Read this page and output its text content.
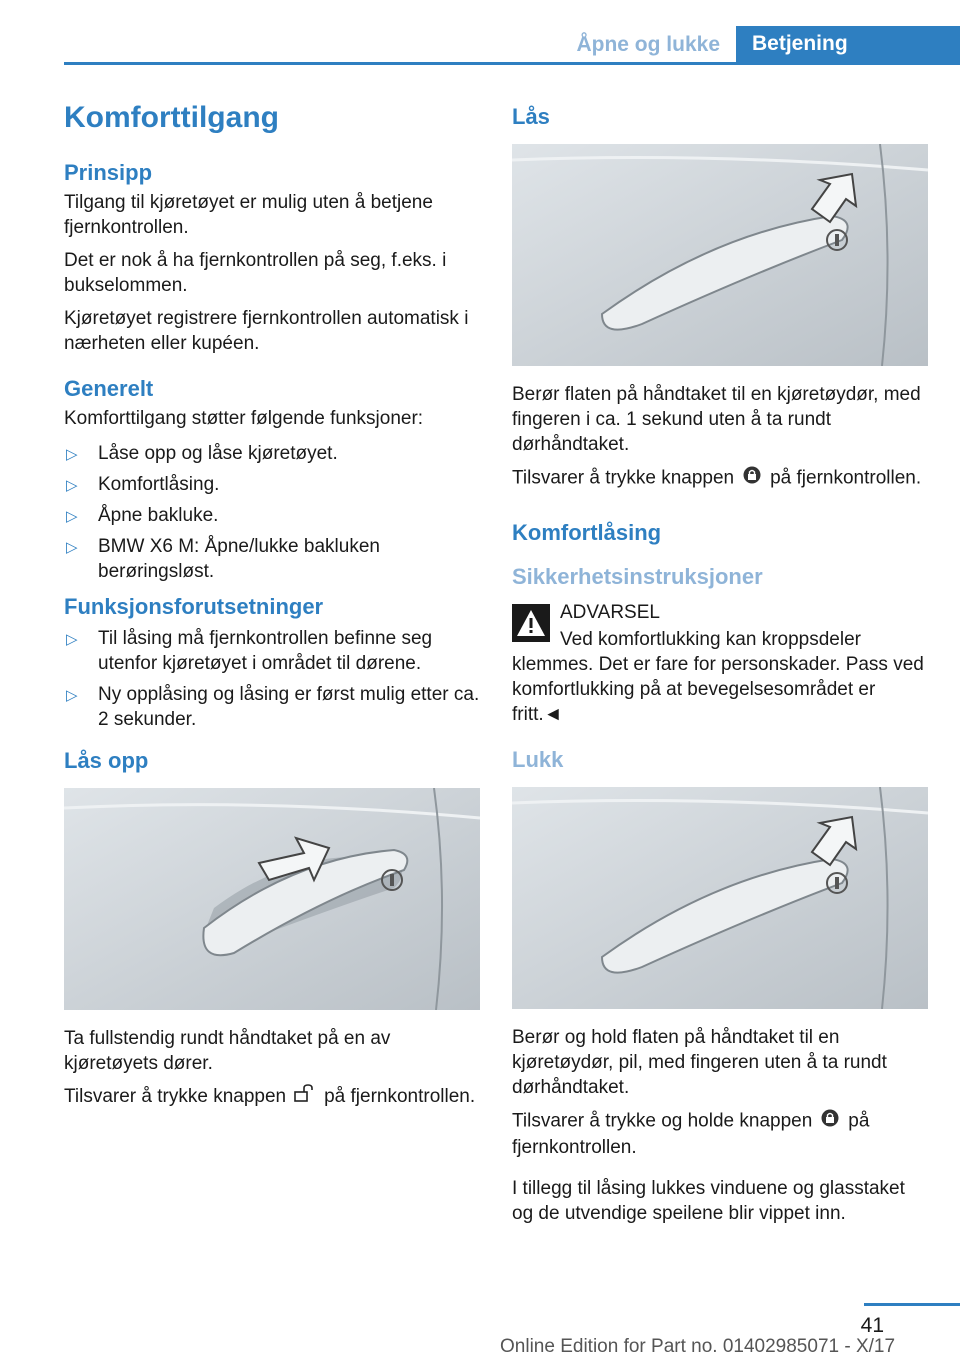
Åpne og lukke	Betjening
Komforttilgang
Prinsipp

Tilgang til kjøretøyet er mulig uten å betjene fjernkontrollen.

Det er nok å ha fjernkontrollen på seg, f.eks. i bukselommen.

Kjøretøyet registrere fjernkontrollen automatisk i nærheten eller kupéen.

Generelt

Komforttilgang støtter følgende funksjoner:

▷ Låse opp og låse kjøretøyet.
▷ Komfortlåsing.
▷ Åpne bakluke.
▷ BMW X6 M: Åpne/lukke bakluken berøringsløst.
Funksjonsforutsetninger
▷ Til låsing må fjernkontrollen befinne seg utenfor kjøretøyet i området til dørene.
▷ Ny opplåsing og låsing er først mulig etter ca. 2 sekunder.
Lås opp

Ta fullstendig rundt håndtaket på en av kjøretøyets dører.

Tilsvarer å trykke knappen på fjernkontrollen.

Lås

Berør flaten på håndtaket til en kjøretøydør, med fingeren i ca. 1 sekund uten å ta rundt dørhåndtaket.

Tilsvarer å trykke knappen på fjernkontrollen.

Komfortlåsing
Sikkerhetsinstruksjoner
ADVARSEL

Ved komfortlukking kan kroppsdeler klemmes. Det er fare for personskader. Pass ved komfortlukking på at bevegelsesområdet er fritt.◄

Lukk

Berør og hold flaten på håndtaket til en kjøretøydør, pil, med fingeren uten å ta rundt dørhåndtaket.

Tilsvarer å trykke og holde knappen på fjernkontrollen.

I tillegg til låsing lukkes vinduene og glasstaket og de utvendige speilene blir vippet inn.

41
Online Edition for Part no. 01402985071 - X/17
